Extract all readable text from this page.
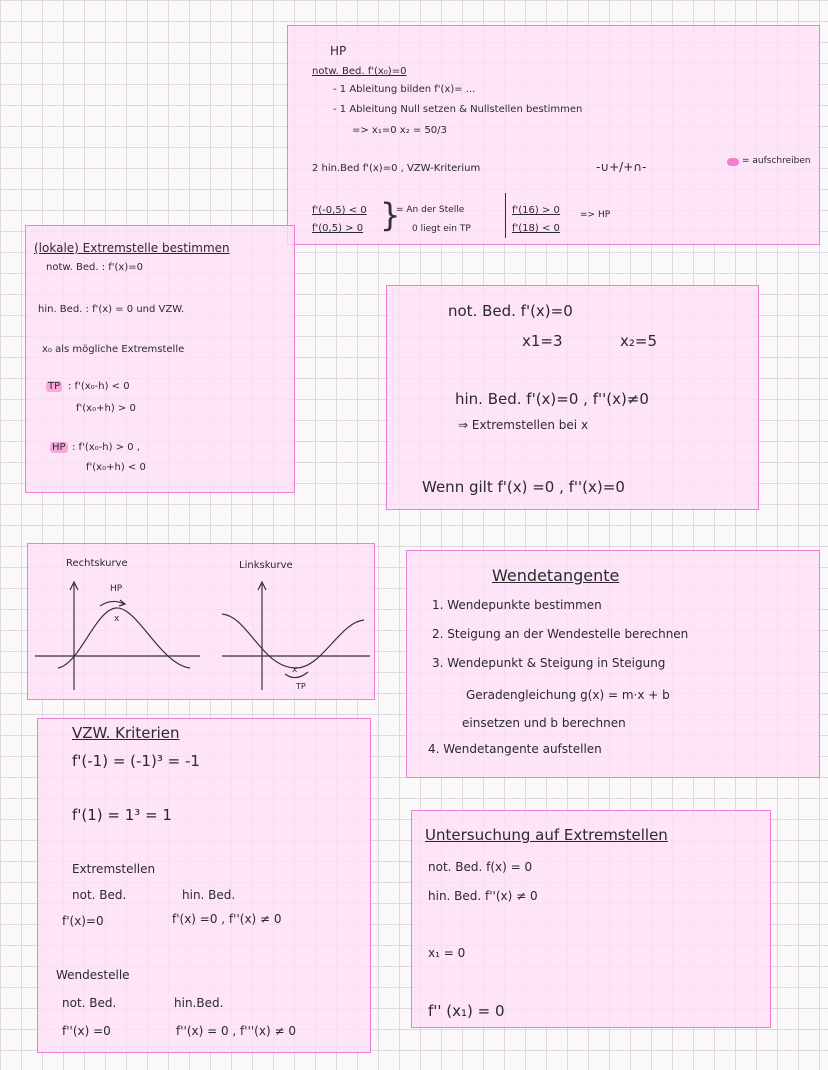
HP
notw. Bed. f'(x₀)=0
- 1 Ableitung bilden f'(x)= ...
- 1 Ableitung Null setzen & Nullstellen bestimmen
=> x₁=0 x₂ = 50/3
2 hin.Bed f'(x)=0 , VZW-Kriterium	-∪+/+∩-	= aufschreiben
f'(-0,5) < 0
f'(0,5) > 0 }
= An der Stelle
0 liegt ein TP
f'(16) > 0
f'(18) < 0
=> HP
(lokale) Extremstelle bestimmen
notw. Bed. : f'(x)=0
hin. Bed. : f'(x) = 0 und VZW.
x₀ als mögliche Extremstelle
TP : f'(x₀-h) < 0
f'(x₀+h) > 0
HP : f'(x₀-h) > 0 ,
f'(x₀+h) < 0
not. Bed. f'(x)=0
x1=3	x₂=5
hin. Bed. f'(x)=0 , f''(x)≠0
⇒ Extremstellen bei x
Wenn gilt f'(x) =0 , f''(x)=0
Rechtskurve	Linkskurve
HP
TP
x
x
Wendetangente
1. Wendepunkte bestimmen
2. Steigung an der Wendestelle berechnen
3. Wendepunkt & Steigung in Steigung
Geradengleichung g(x) = m·x + b
einsetzen und b berechnen
4. Wendetangente aufstellen
VZW. Kriterien
f'(-1) = (-1)³ = -1
f'(1) = 1³ = 1
Extremstellen
not. Bed.	hin. Bed.
f'(x)=0	f'(x) =0 , f''(x) ≠ 0
Wendestelle
not. Bed.	hin.Bed.
f''(x) =0	f''(x) = 0 , f'''(x) ≠ 0
Untersuchung auf Extremstellen
not. Bed. f(x) = 0
hin. Bed. f''(x) ≠ 0
x₁ = 0
f'' (x₁) = 0
